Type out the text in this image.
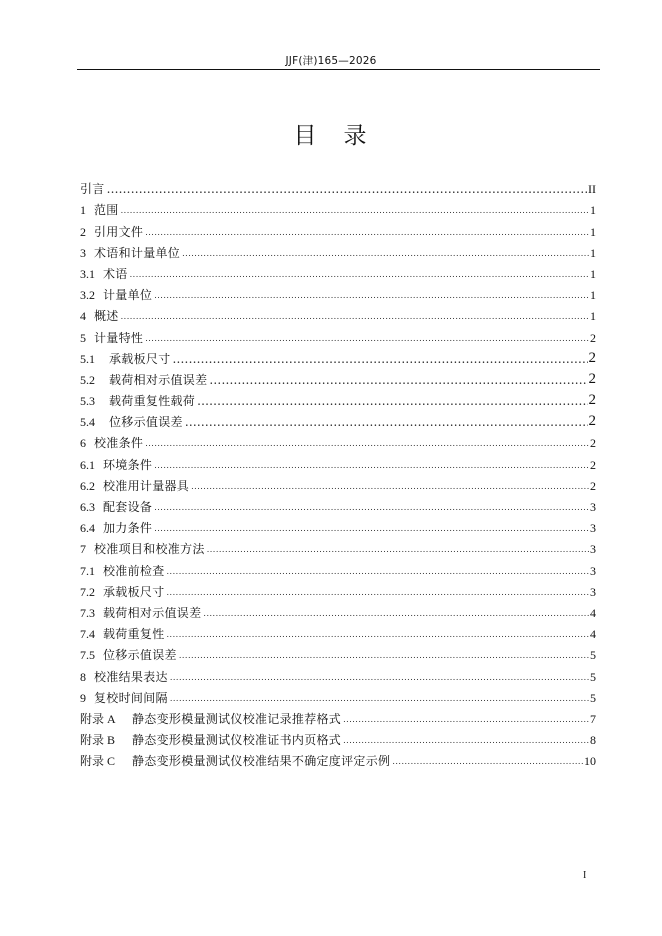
JJF(津)165—2026
目　录
引言 .....	II
1 范围 .....	1
2 引用文件 .....	1
3 术语和计量单位 .....	1
3.1 术语 .....	1
3.2 计量单位 .....	1
4 概述 .....	1
5 计量特性 .....	2
5.1	承载板尺寸 .....	2
5.2	载荷相对示值误差 .....	2
5.3	载荷重复性载荷 .....	2
5.4	位移示值误差 .....	2
6 校准条件 .....	2
6.1 环境条件 .....	2
6.2 校准用计量器具 .....	2
6.3 配套设备 .....	3
6.4 加力条件 .....	3
7 校准项目和校准方法 .....	3
7.1 校准前检查 .....	3
7.2 承载板尺寸 .....	3
7.3 载荷相对示值误差 .....	4
7.4 载荷重复性 .....	4
7.5 位移示值误差 .....	5
8 校准结果表达 .....	5
9 复校时间间隔 .....	5
附录 A	静态变形模量测试仪校准记录推荐格式 .....	7
附录 B	静态变形模量测试仪校准证书内页格式 .....	8
附录 C	静态变形模量测试仪校准结果不确定度评定示例 .....	10
I
